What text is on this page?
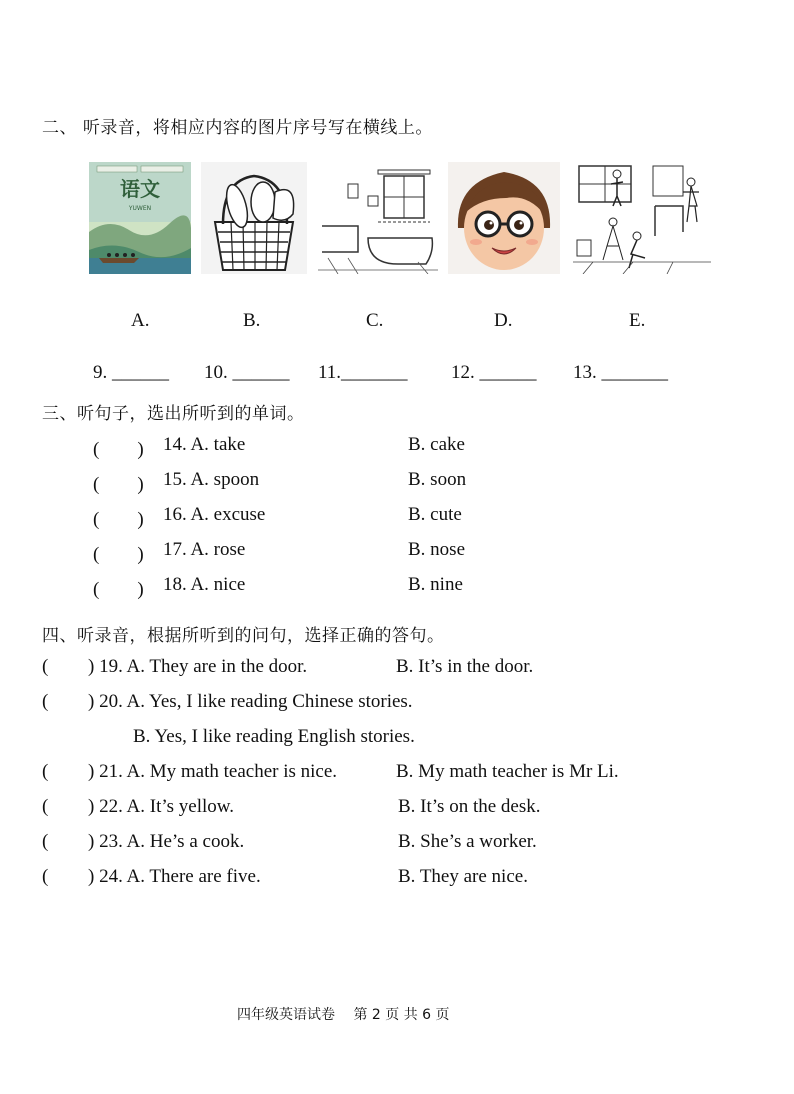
二、 听录音，将相应内容的图片序号写在横线上。
语文
YUWEN
A.	B.	C.	D.	E.
9. ______ 10. ______ 11._______ 12. ______ 13. _______
三、听句子，选出所听到的单词。
(　　) 14. A. take	B. cake
(　　) 15. A. spoon	B. soon
(　　) 16. A. excuse	B. cute
(　　) 17. A. rose	B. nose
(　　) 18. A. nice	B. nine
四、听录音，根据所听到的问句，选择正确的答句。
( ) 19. A. They are in the door.	B. It’s in the door.
( ) 20. A. Yes, I like reading Chinese stories.
B. Yes, I like reading English stories.
( ) 21. A. My math teacher is nice.	B. My math teacher is Mr Li.
( ) 22. A. It’s yellow.	B. It’s on the desk.
( ) 23. A. He’s a cook.	B. She’s a worker.
( ) 24. A. There are five.	B. They are nice.
四年级英语试卷　 第 2 页 共 6 页
